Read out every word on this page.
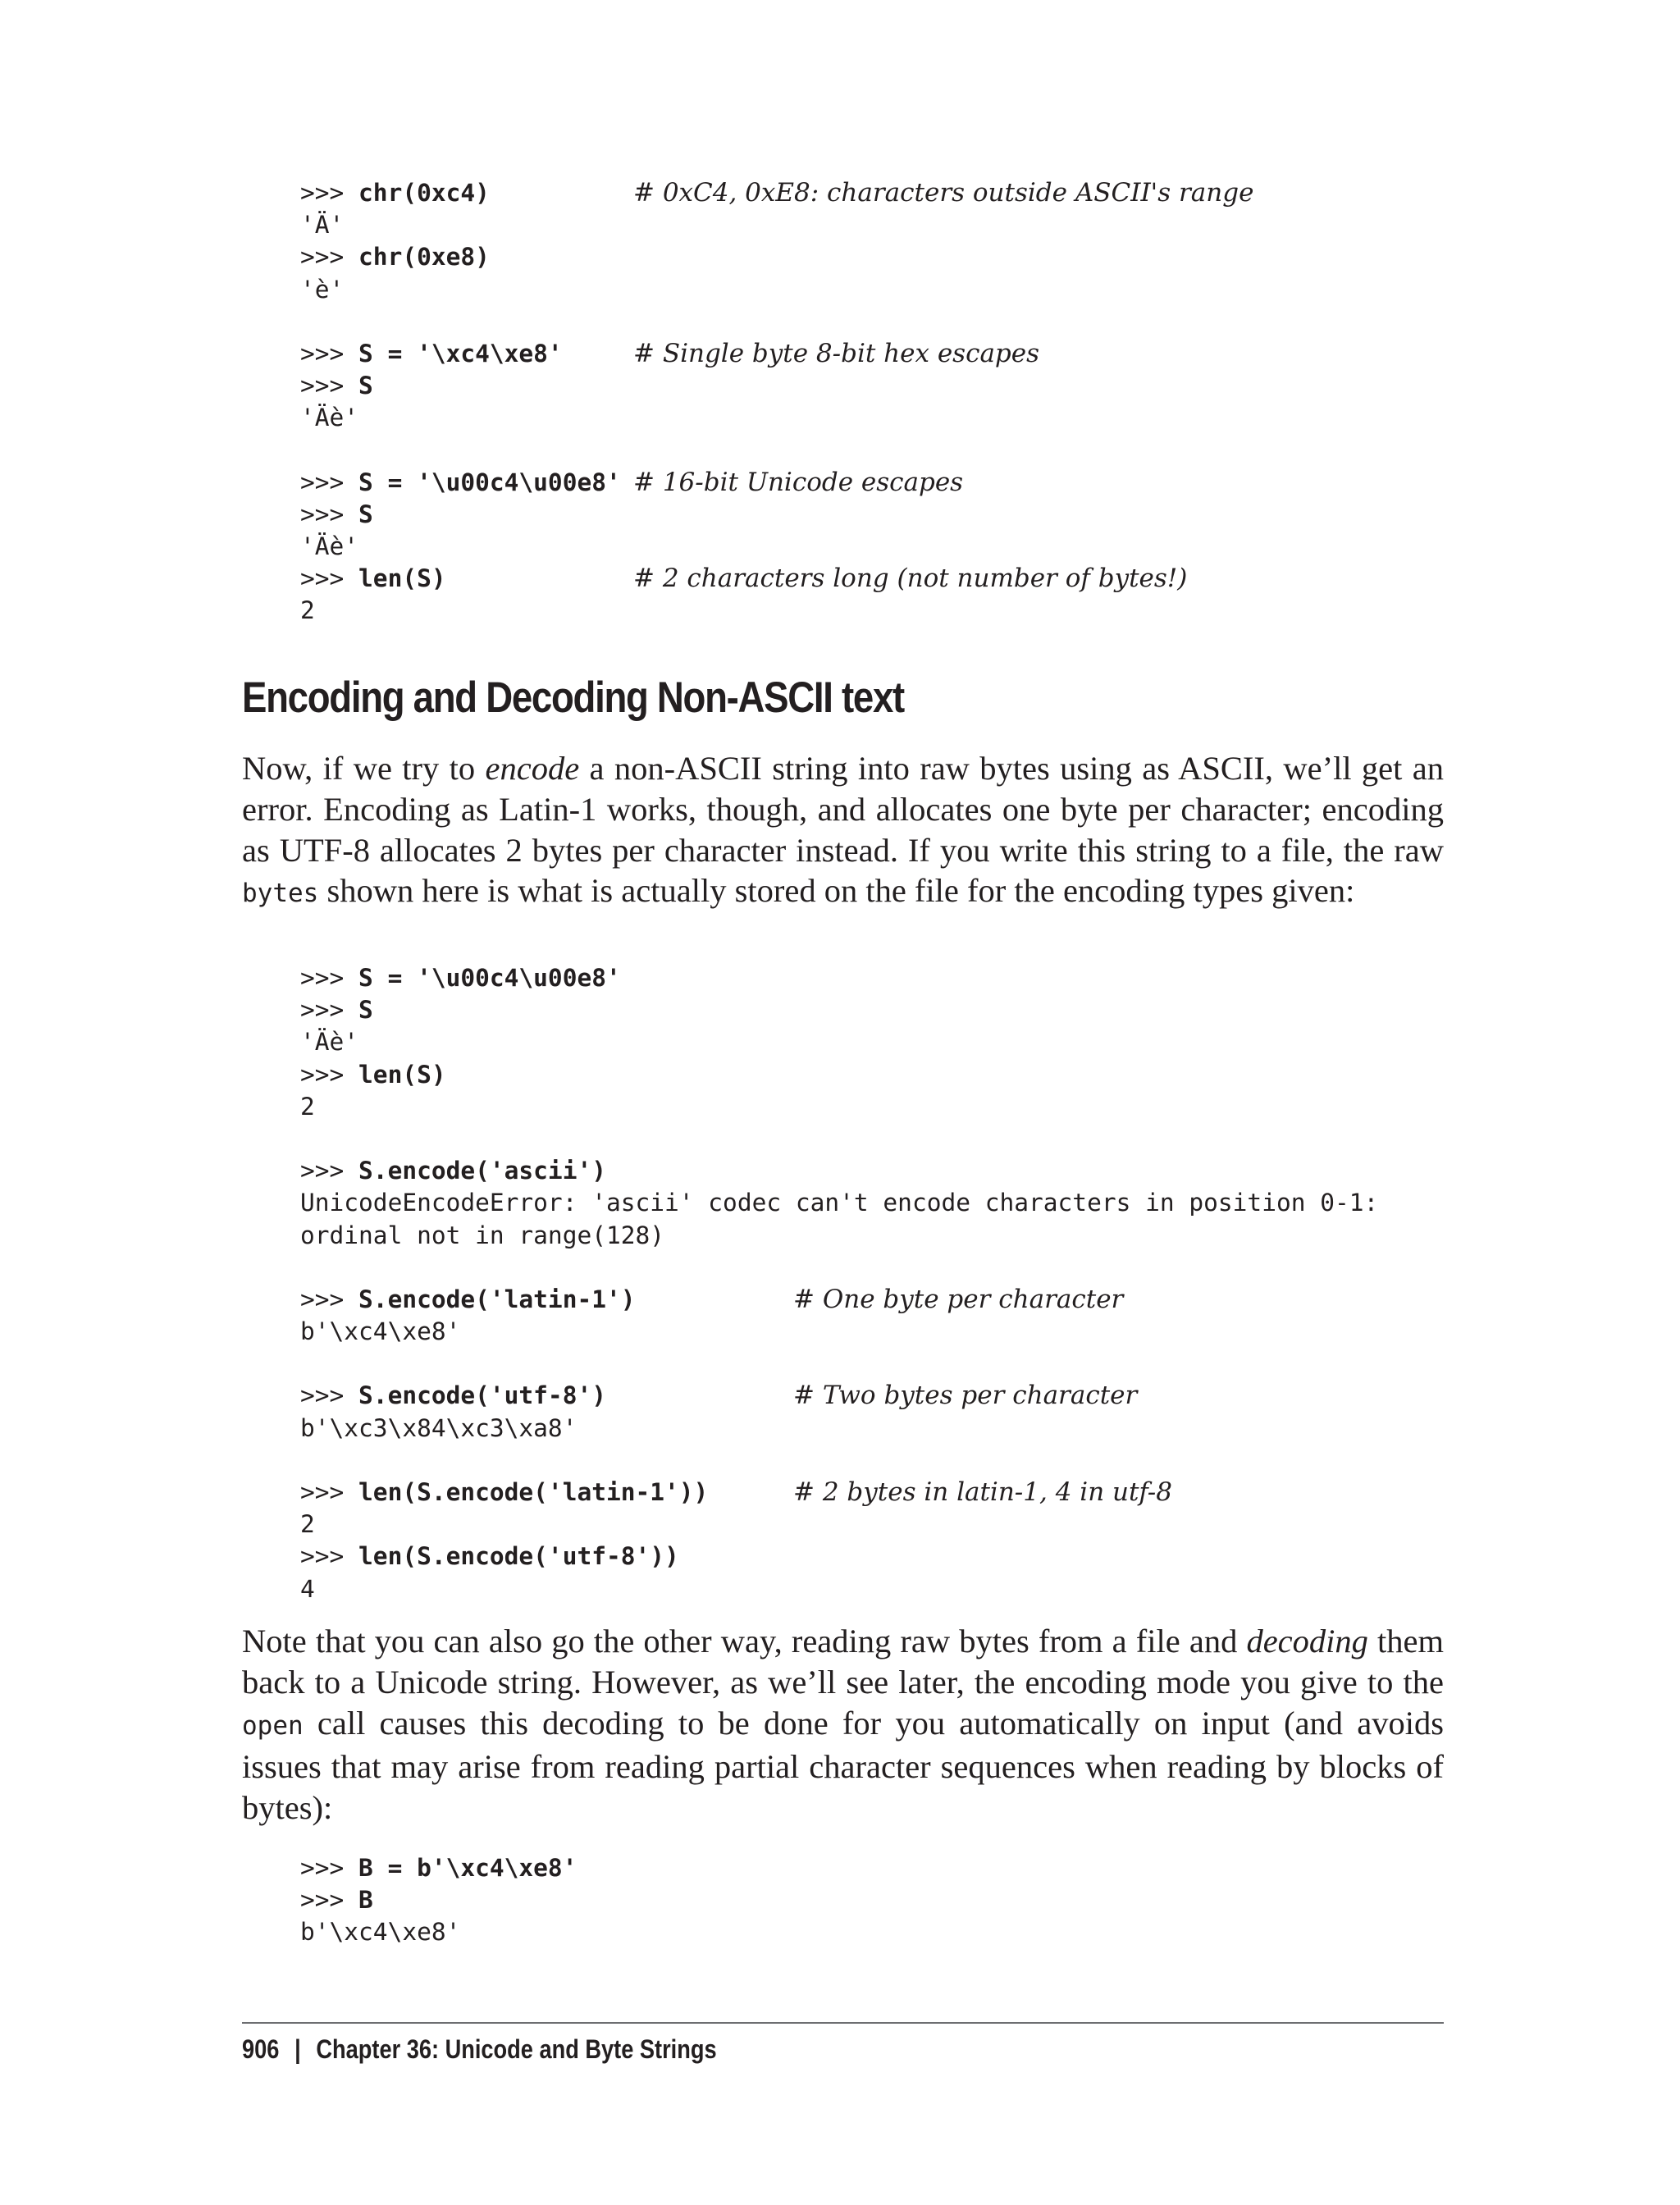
>>> chr(0xc4)	# 0xC4, 0xE8: characters outside ASCII's range
'Ä'
>>> chr(0xe8)
'è'
>>> S = '\xc4\xe8'	# Single byte 8-bit hex escapes
>>> S
'Äè'
>>> S = '\u00c4\u00e8' # 16-bit Unicode escapes
>>> S
'Äè'
>>> len(S)	# 2 characters long (not number of bytes!)
2
Encoding and Decoding Non-ASCII text

Now, if we try to encode a non-ASCII string into raw bytes using as ASCII, we’ll get an error. Encoding as Latin-1 works, though, and allocates one byte per character; encoding as UTF-8 allocates 2 bytes per character instead. If you write this string to a file, the raw bytes shown here is what is actually stored on the file for the encoding types given:

>>> S = '\u00c4\u00e8'
>>> S
'Äè'
>>> len(S)
2
>>> S.encode('ascii')
UnicodeEncodeError: 'ascii' codec can't encode characters in position 0-1:
ordinal not in range(128)
>>> S.encode('latin-1')	# One byte per character
b'\xc4\xe8'
>>> S.encode('utf-8')	# Two bytes per character
b'\xc3\x84\xc3\xa8'
>>> len(S.encode('latin-1'))	# 2 bytes in latin-1, 4 in utf-8
2
>>> len(S.encode('utf-8'))
4

Note that you can also go the other way, reading raw bytes from a file and decoding them back to a Unicode string. However, as we’ll see later, the encoding mode you give to the open call causes this decoding to be done for you automatically on input (and avoids issues that may arise from reading partial character sequences when reading by blocks of bytes):

>>> B = b'\xc4\xe8'
>>> B
b'\xc4\xe8'
906 | Chapter 36: Unicode and Byte Strings
